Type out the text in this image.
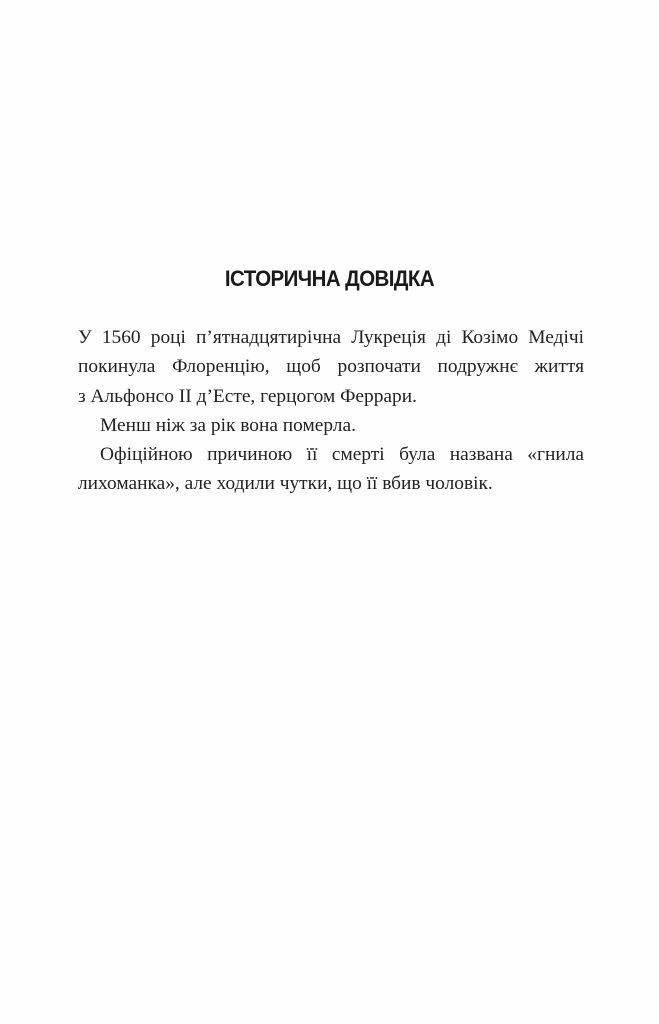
ІСТОРИЧНА ДОВІДКА
У 1560 році п’ятнадцятирічна Лукреція ді Козімо Медічі
покинула Флоренцію, щоб розпочати подружнє життя
з Альфонсо II д’Есте, герцогом Феррари.
Менш ніж за рік вона померла.
Офіційною причиною її смерті була названа «гнила
лихоманка», але ходили чутки, що її вбив чоловік.
